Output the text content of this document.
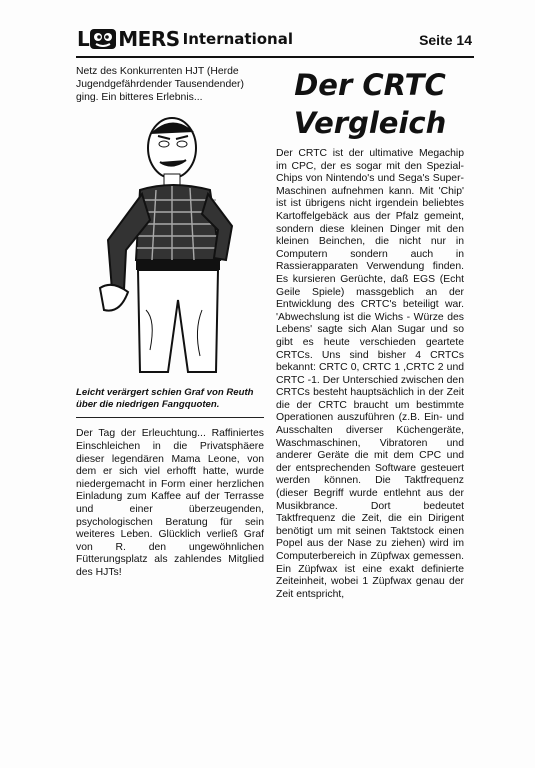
L MERS International	Seite 14

Netz des Konkurrenten HJT (Herde Jugendgefährdender Tausendender) ging. Ein bitteres Erlebnis...

Leicht verärgert schien Graf von Reuth über die niedrigen Fangquoten.
Der Tag der Erleuchtung... Raffiniertes Einschleichen in die Privatsphäere dieser legendären Mama Leone, von dem er sich viel erhofft hatte, wurde niedergemacht in Form einer herzlichen Einladung zum Kaffee auf der Terrasse und einer überzeugenden, psychologischen Beratung für sein weiteres Leben. Glücklich verließ Graf von R. den ungewöhnlichen Fütterungsplatz als zahlendes Mitglied des HJTs!
Der CRTC
Vergleich

Der CRTC ist der ultimative Megachip im CPC, der es sogar mit den Spezial-Chips von Nintendo's und Sega's Super-Maschinen aufnehmen kann. Mit 'Chip' ist ist übrigens nicht irgendein beliebtes Kartoffelgebäck aus der Pfalz gemeint, sondern diese kleinen Dinger mit den kleinen Beinchen, die nicht nur in Computern sondern auch in Rassierapparaten Verwendung finden. Es kursieren Gerüchte, daß EGS (Echt Geile Spiele) massgeblich an der Entwicklung des CRTC's beteiligt war. 'Abwechslung ist die Wichs - Würze des Lebens' sagte sich Alan Sugar und so gibt es heute verschieden geartete CRTCs. Uns sind bisher 4 CRTCs bekannt: CRTC 0, CRTC 1 ,CRTC 2 und CRTC -1. Der Unterschied zwischen den CRTCs besteht hauptsächlich in der Zeit die der CRTC braucht um bestimmte Operationen auszuführen (z.B. Ein- und Ausschalten diverser Küchengeräte, Waschmaschinen, Vibratoren und anderer Geräte die mit dem CPC und der entsprechenden Software gesteuert werden können. Die Taktfrequenz (dieser Begriff wurde entlehnt aus der Musikbrance. Dort bedeutet Taktfrequenz die Zeit, die ein Dirigent benötigt um mit seinen Taktstock einen Popel aus der Nase zu ziehen) wird im Computerbereich in Züpfwax gemessen. Ein Züpfwax ist eine exakt definierte Zeiteinheit, wobei 1 Züpfwax genau der Zeit entspricht,
